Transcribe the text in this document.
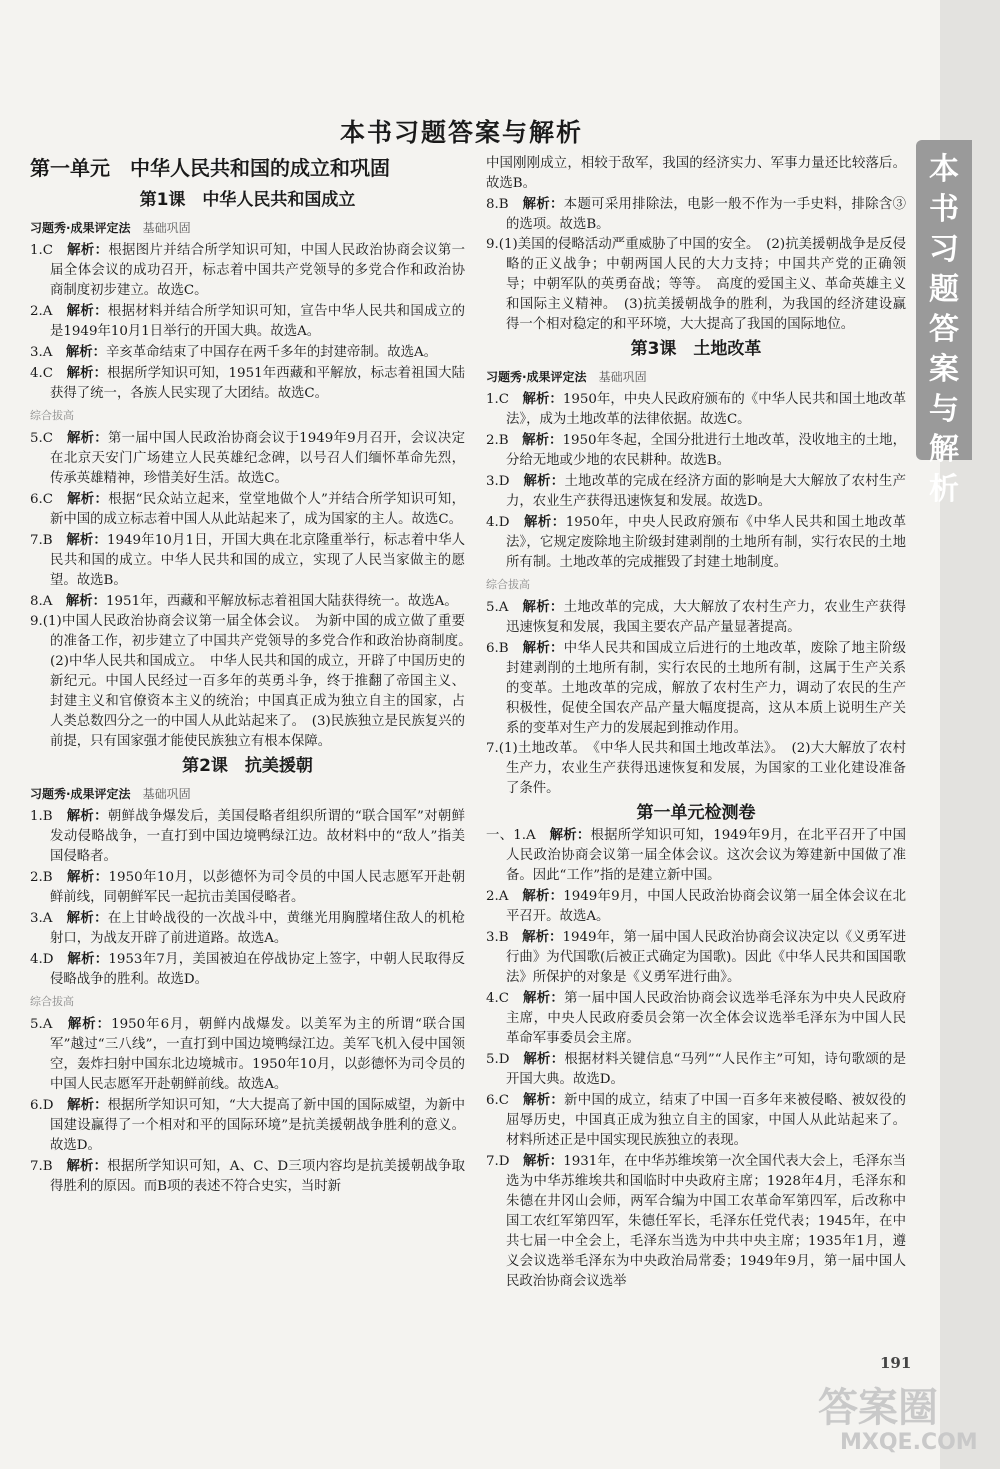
本书习题答案与解析
本书习题答案与解析
第一单元　中华人民共和国的成立和巩固
第1课　中华人民共和国成立
习题秀·成果评定法 基础巩固

1.C　解析：根据图片并结合所学知识可知，中国人民政治协商会议第一届全体会议的成功召开，标志着中国共产党领导的多党合作和政治协商制度初步建立。故选C。

2.A　解析：根据材料并结合所学知识可知，宣告中华人民共和国成立的是1949年10月1日举行的开国大典。故选A。

3.A　解析：辛亥革命结束了中国存在两千多年的封建帝制。故选A。

4.C　解析：根据所学知识可知，1951年西藏和平解放，标志着祖国大陆获得了统一，各族人民实现了大团结。故选C。

综合拔高

5.C　解析：第一届中国人民政治协商会议于1949年9月召开，会议决定在北京天安门广场建立人民英雄纪念碑，以号召人们缅怀革命先烈，传承英雄精神，珍惜美好生活。故选C。

6.C　解析：根据“民众站立起来，堂堂地做个人”并结合所学知识可知，新中国的成立标志着中国人从此站起来了，成为国家的主人。故选C。

7.B　解析：1949年10月1日，开国大典在北京隆重举行，标志着中华人民共和国的成立。中华人民共和国的成立，实现了人民当家做主的愿望。故选B。

8.A　解析：1951年，西藏和平解放标志着祖国大陆获得统一。故选A。

9.(1)中国人民政治协商会议第一届全体会议。　为新中国的成立做了重要的准备工作，初步建立了中国共产党领导的多党合作和政治协商制度。　(2)中华人民共和国成立。　中华人民共和国的成立，开辟了中国历史的新纪元。中国人民经过一百多年的英勇斗争，终于推翻了帝国主义、封建主义和官僚资本主义的统治；中国真正成为独立自主的国家，占人类总数四分之一的中国人从此站起来了。　(3)民族独立是民族复兴的前提，只有国家强才能使民族独立有根本保障。

第2课　抗美援朝
习题秀·成果评定法 基础巩固

1.B　解析：朝鲜战争爆发后，美国侵略者组织所谓的“联合国军”对朝鲜发动侵略战争，一直打到中国边境鸭绿江边。故材料中的“敌人”指美国侵略者。

2.B　解析：1950年10月，以彭德怀为司令员的中国人民志愿军开赴朝鲜前线，同朝鲜军民一起抗击美国侵略者。

3.A　解析：在上甘岭战役的一次战斗中，黄继光用胸膛堵住敌人的机枪射口，为战友开辟了前进道路。故选A。

4.D　解析：1953年7月，美国被迫在停战协定上签字，中朝人民取得反侵略战争的胜利。故选D。

综合拔高

5.A　解析：1950年6月，朝鲜内战爆发。以美军为主的所谓“联合国军”越过“三八线”，一直打到中国边境鸭绿江边。美军飞机入侵中国领空，轰炸扫射中国东北边境城市。1950年10月，以彭德怀为司令员的中国人民志愿军开赴朝鲜前线。故选A。

6.D　解析：根据所学知识可知，“大大提高了新中国的国际威望，为新中国建设赢得了一个相对和平的国际环境”是抗美援朝战争胜利的意义。故选D。

7.B　解析：根据所学知识可知，A、C、D三项内容均是抗美援朝战争取得胜利的原因。而B项的表述不符合史实，当时新

中国刚刚成立，相较于敌军，我国的经济实力、军事力量还比较落后。故选B。

8.B　解析：本题可采用排除法，电影一般不作为一手史料，排除含③的选项。故选B。

9.(1)美国的侵略活动严重威胁了中国的安全。　(2)抗美援朝战争是反侵略的正义战争；中朝两国人民的大力支持；中国共产党的正确领导；中朝军队的英勇奋战；等等。　高度的爱国主义、革命英雄主义和国际主义精神。　(3)抗美援朝战争的胜利，为我国的经济建设赢得一个相对稳定的和平环境，大大提高了我国的国际地位。

第3课　土地改革
习题秀·成果评定法 基础巩固

1.C　解析：1950年，中央人民政府颁布的《中华人民共和国土地改革法》，成为土地改革的法律依据。故选C。

2.B　解析：1950年冬起，全国分批进行土地改革，没收地主的土地，分给无地或少地的农民耕种。故选B。

3.D　解析：土地改革的完成在经济方面的影响是大大解放了农村生产力，农业生产获得迅速恢复和发展。故选D。

4.D　解析：1950年，中央人民政府颁布《中华人民共和国土地改革法》，它规定废除地主阶级封建剥削的土地所有制，实行农民的土地所有制。土地改革的完成摧毁了封建土地制度。

综合拔高

5.A　解析：土地改革的完成，大大解放了农村生产力，农业生产获得迅速恢复和发展，我国主要农产品产量显著提高。

6.B　解析：中华人民共和国成立后进行的土地改革，废除了地主阶级封建剥削的土地所有制，实行农民的土地所有制，这属于生产关系的变革。土地改革的完成，解放了农村生产力，调动了农民的生产积极性，促使全国农产品产量大幅度提高，这从本质上说明生产关系的变革对生产力的发展起到推动作用。

7.(1)土地改革。　《中华人民共和国土地改革法》。　(2)大大解放了农村生产力，农业生产获得迅速恢复和发展，为国家的工业化建设准备了条件。

第一单元检测卷

一、1.A　解析：根据所学知识可知，1949年9月，在北平召开了中国人民政治协商会议第一届全体会议。这次会议为筹建新中国做了准备。因此“工作”指的是建立新中国。

2.A　解析：1949年9月，中国人民政治协商会议第一届全体会议在北平召开。故选A。

3.B　解析：1949年，第一届中国人民政治协商会议决定以《义勇军进行曲》为代国歌(后被正式确定为国歌)。因此《中华人民共和国国歌法》所保护的对象是《义勇军进行曲》。

4.C　解析：第一届中国人民政治协商会议选举毛泽东为中央人民政府主席，中央人民政府委员会第一次全体会议选举毛泽东为中国人民革命军事委员会主席。

5.D　解析：根据材料关键信息“马列”“人民作主”可知，诗句歌颂的是开国大典。故选D。

6.C　解析：新中国的成立，结束了中国一百多年来被侵略、被奴役的屈辱历史，中国真正成为独立自主的国家，中国人从此站起来了。材料所述正是中国实现民族独立的表现。

7.D　解析：1931年，在中华苏维埃第一次全国代表大会上，毛泽东当选为中华苏维埃共和国临时中央政府主席；1928年4月，毛泽东和朱德在井冈山会师，两军合编为中国工农革命军第四军，后改称中国工农红军第四军，朱德任军长，毛泽东任党代表；1945年，在中共七届一中全会上，毛泽东当选为中共中央主席；1935年1月，遵义会议选举毛泽东为中央政治局常委；1949年9月，第一届中国人民政治协商会议选举

191
答案圈
MXQE.COM
